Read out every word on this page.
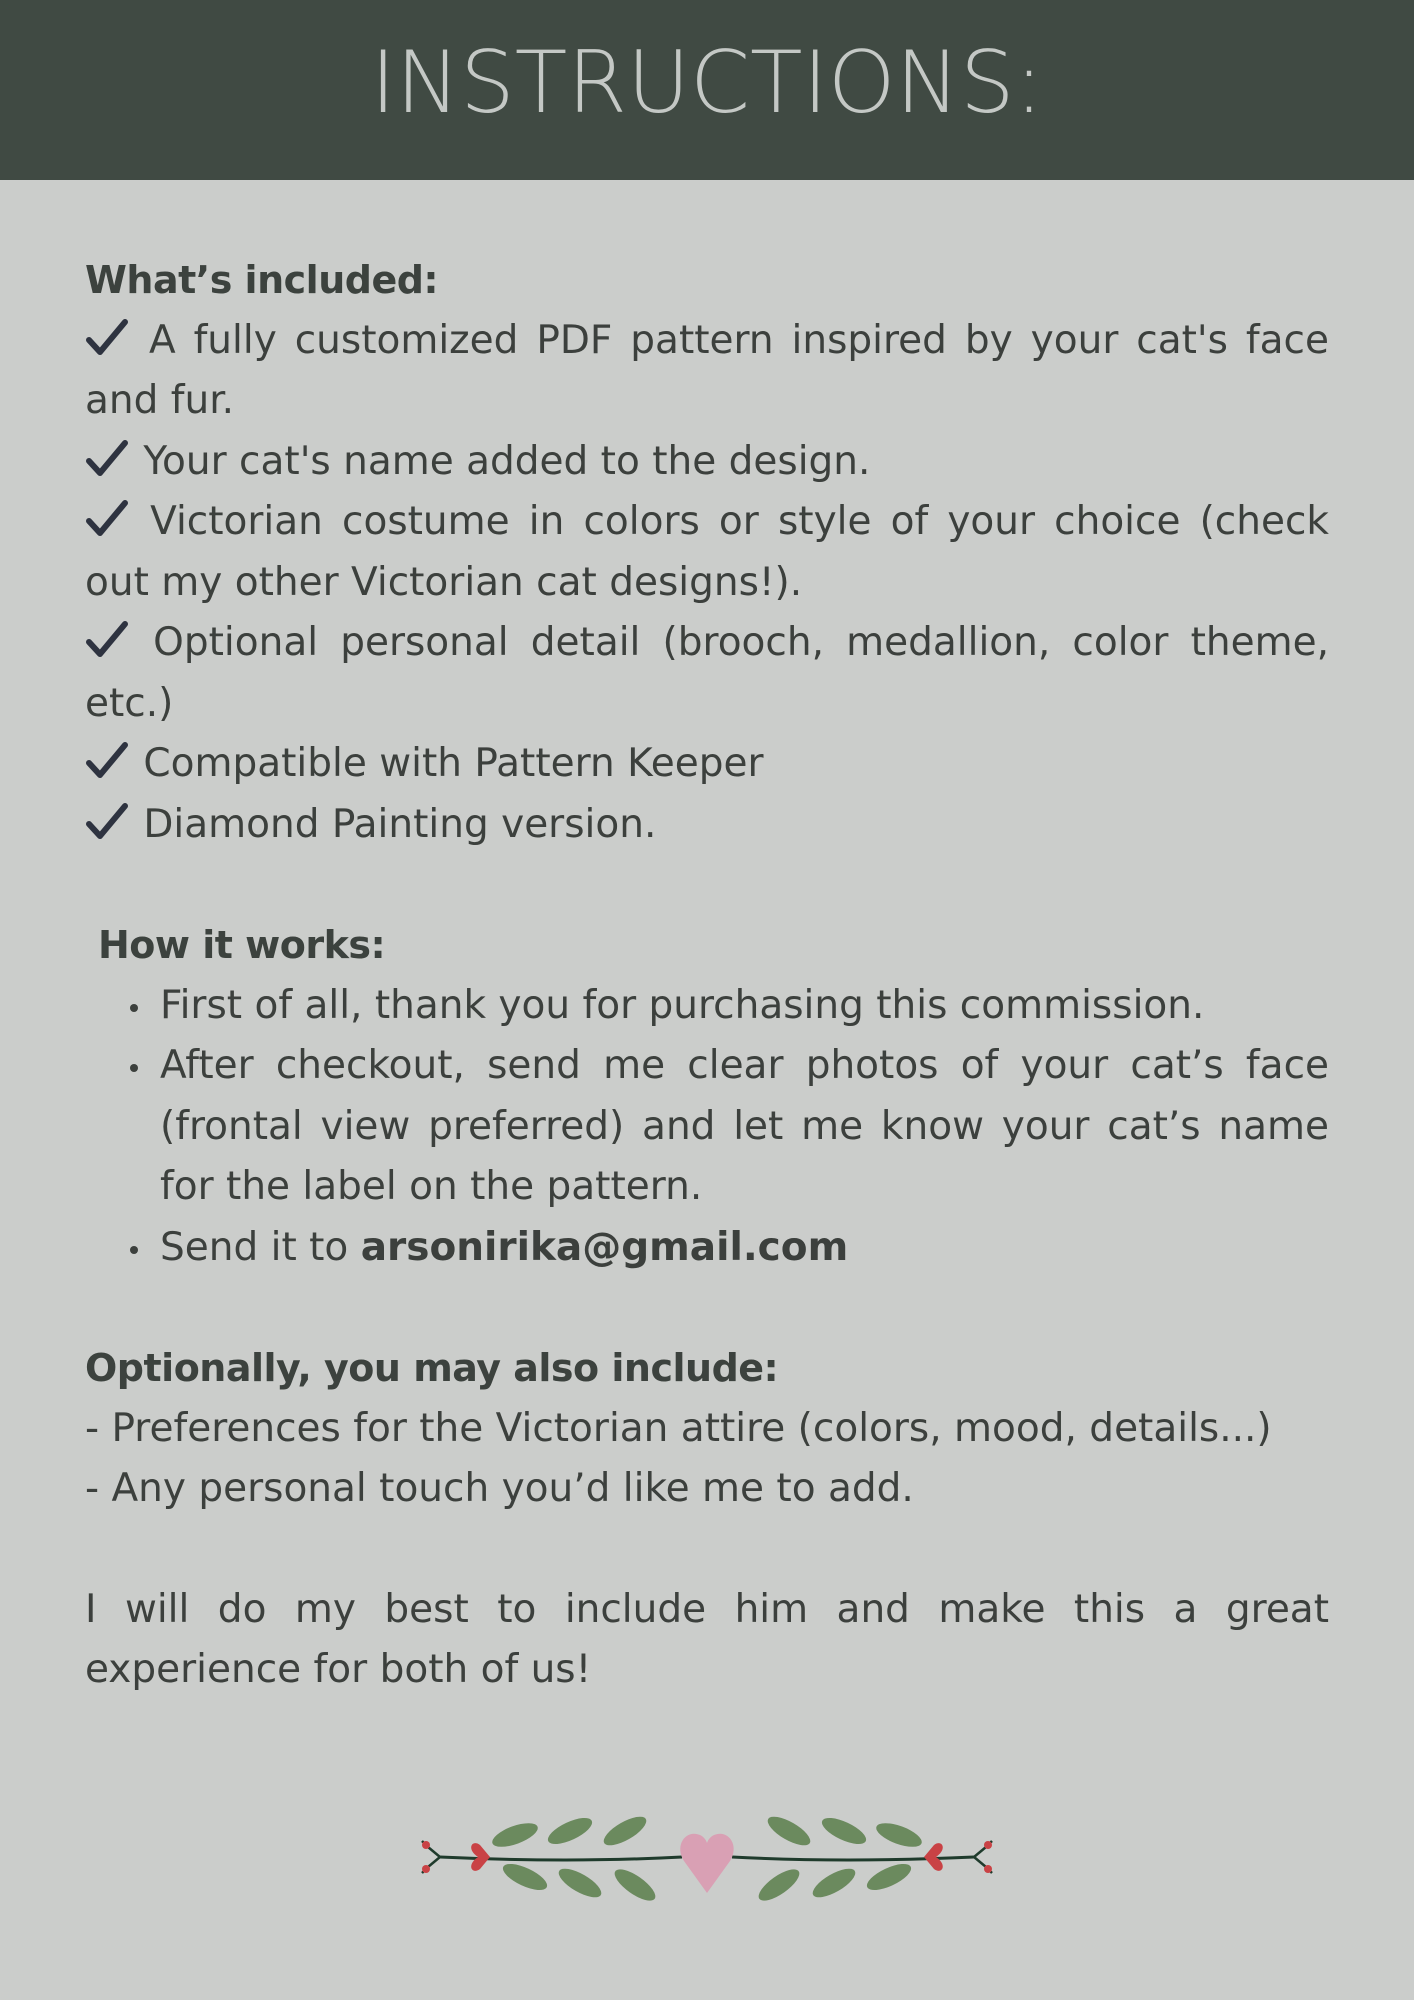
INSTRUCTIONS:

What’s included:

A fully customized PDF pattern inspired by your cat's face and fur.

Your cat's name added to the design.

Victorian costume in colors or style of your choice (check out my other Victorian cat designs!).

Optional personal detail (brooch, medallion, color theme, etc.)

Compatible with Pattern Keeper

Diamond Painting version.

How it works:

First of all, thank you for purchasing this commission.
After checkout, send me clear photos of your cat’s face (frontal view preferred) and let me know your cat’s name for the label on the pattern.
Send it to arsonirika@gmail.com

Optionally, you may also include:

- Preferences for the Victorian attire (colors, mood, details...)

- Any personal touch you’d like me to add.

I will do my best to include him and make this a great experience for both of us!
